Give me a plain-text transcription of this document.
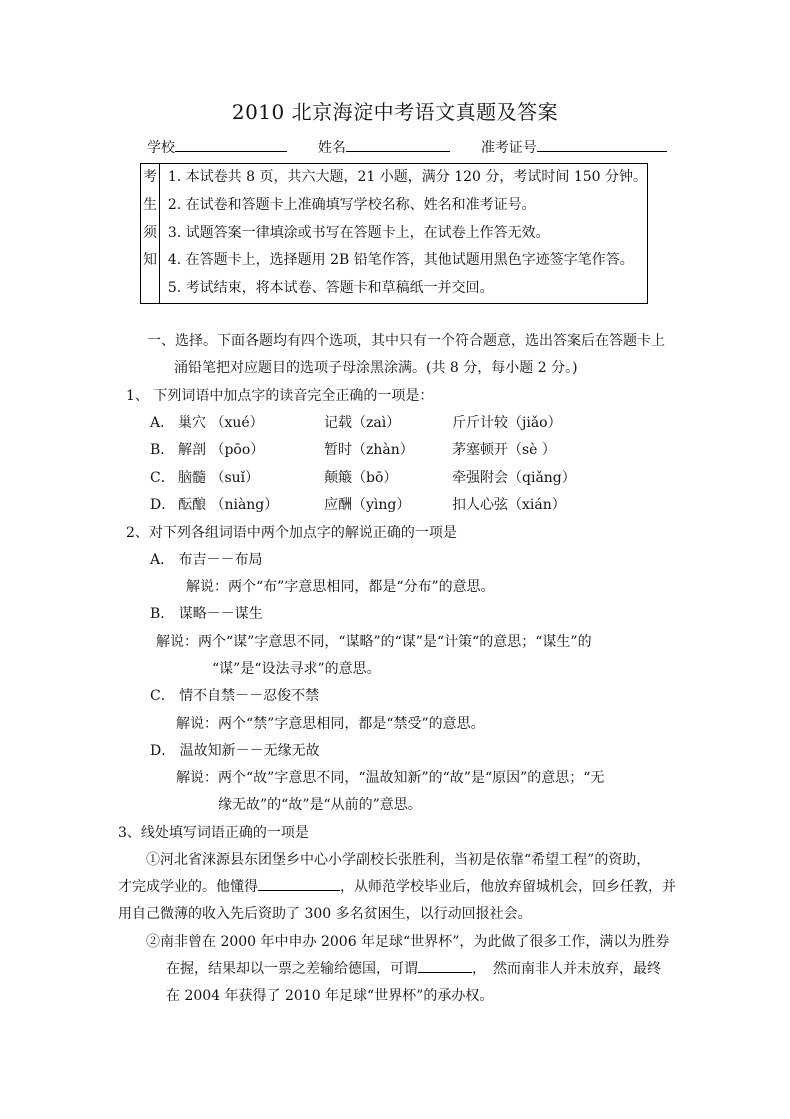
2010 北京海淀中考语文真题及答案
学校	姓名	准考证号
考
生
须
知

1. 本试卷共 8 页，共六大题，21 小题，满分 120 分，考试时间 150 分钟。
2. 在试卷和答题卡上准确填写学校名称、姓名和准考证号。
3. 试题答案一律填涂或书写在答题卡上，在试卷上作答无效。
4. 在答题卡上，选择题用 2B 铅笔作答，其他试题用黑色字迹签字笔作答。
5. 考试结束，将本试卷、答题卡和草稿纸一并交回。
一、选择。下面各题均有四个选项，其中只有一个符合题意，选出答案后在答题卡上
涌铅笔把对应题目的选项子母涂黑涂满。(共 8 分，每小题 2 分。)
1、 下列词语中加点字的读音完全正确的一项是：
A． 巢穴 （xué）	记载（zaì）	斤斤计较（jiǎo）
B． 解剖 （pōo）	暂时（zhàn）	茅塞顿开（sè ）
C． 脑髓 （suǐ）	颠簸（bō）	牵强附会（qiǎng）
D． 酝酿 （niàng）	应酬（yìng）	扣人心弦（xián）
2、对下列各组词语中两个加点字的解说正确的一项是
A． 布吉－－布局
解说：两个“布”字意思相同，都是“分布”的意思。
B． 谋略－－谋生
解说：两个“谋”字意思不同，“谋略”的“谋”是“计策“的意思；“谋生”的
“谋”是“设法寻求”的意思。
C． 情不自禁－－忍俊不禁
解说：两个“禁”字意思相同，都是“禁受”的意思。
D． 温故知新－－无缘无故
解说：两个“故”字意思不同，“温故知新”的“故”是“原因”的意思；“无
缘无故”的“故”是“从前的”意思。
3、线处填写词语正确的一项是
①河北省涞源县东团堡乡中心小学副校长张胜利，当初是依靠“希望工程”的资助，
才完成学业的。他懂得	，从师范学校毕业后，他放弃留城机会，回乡任教，并
用自己微薄的收入先后资助了 300 多名贫困生，以行动回报社会。
②南非曾在 2000 年中申办 2006 年足球“世界杯”，为此做了很多工作，满以为胜券
在握，结果却以一票之差输给德国，可谓	，　然而南非人并未放弃，最终
在 2004 年获得了 2010 年足球“世界杯”的承办权。
